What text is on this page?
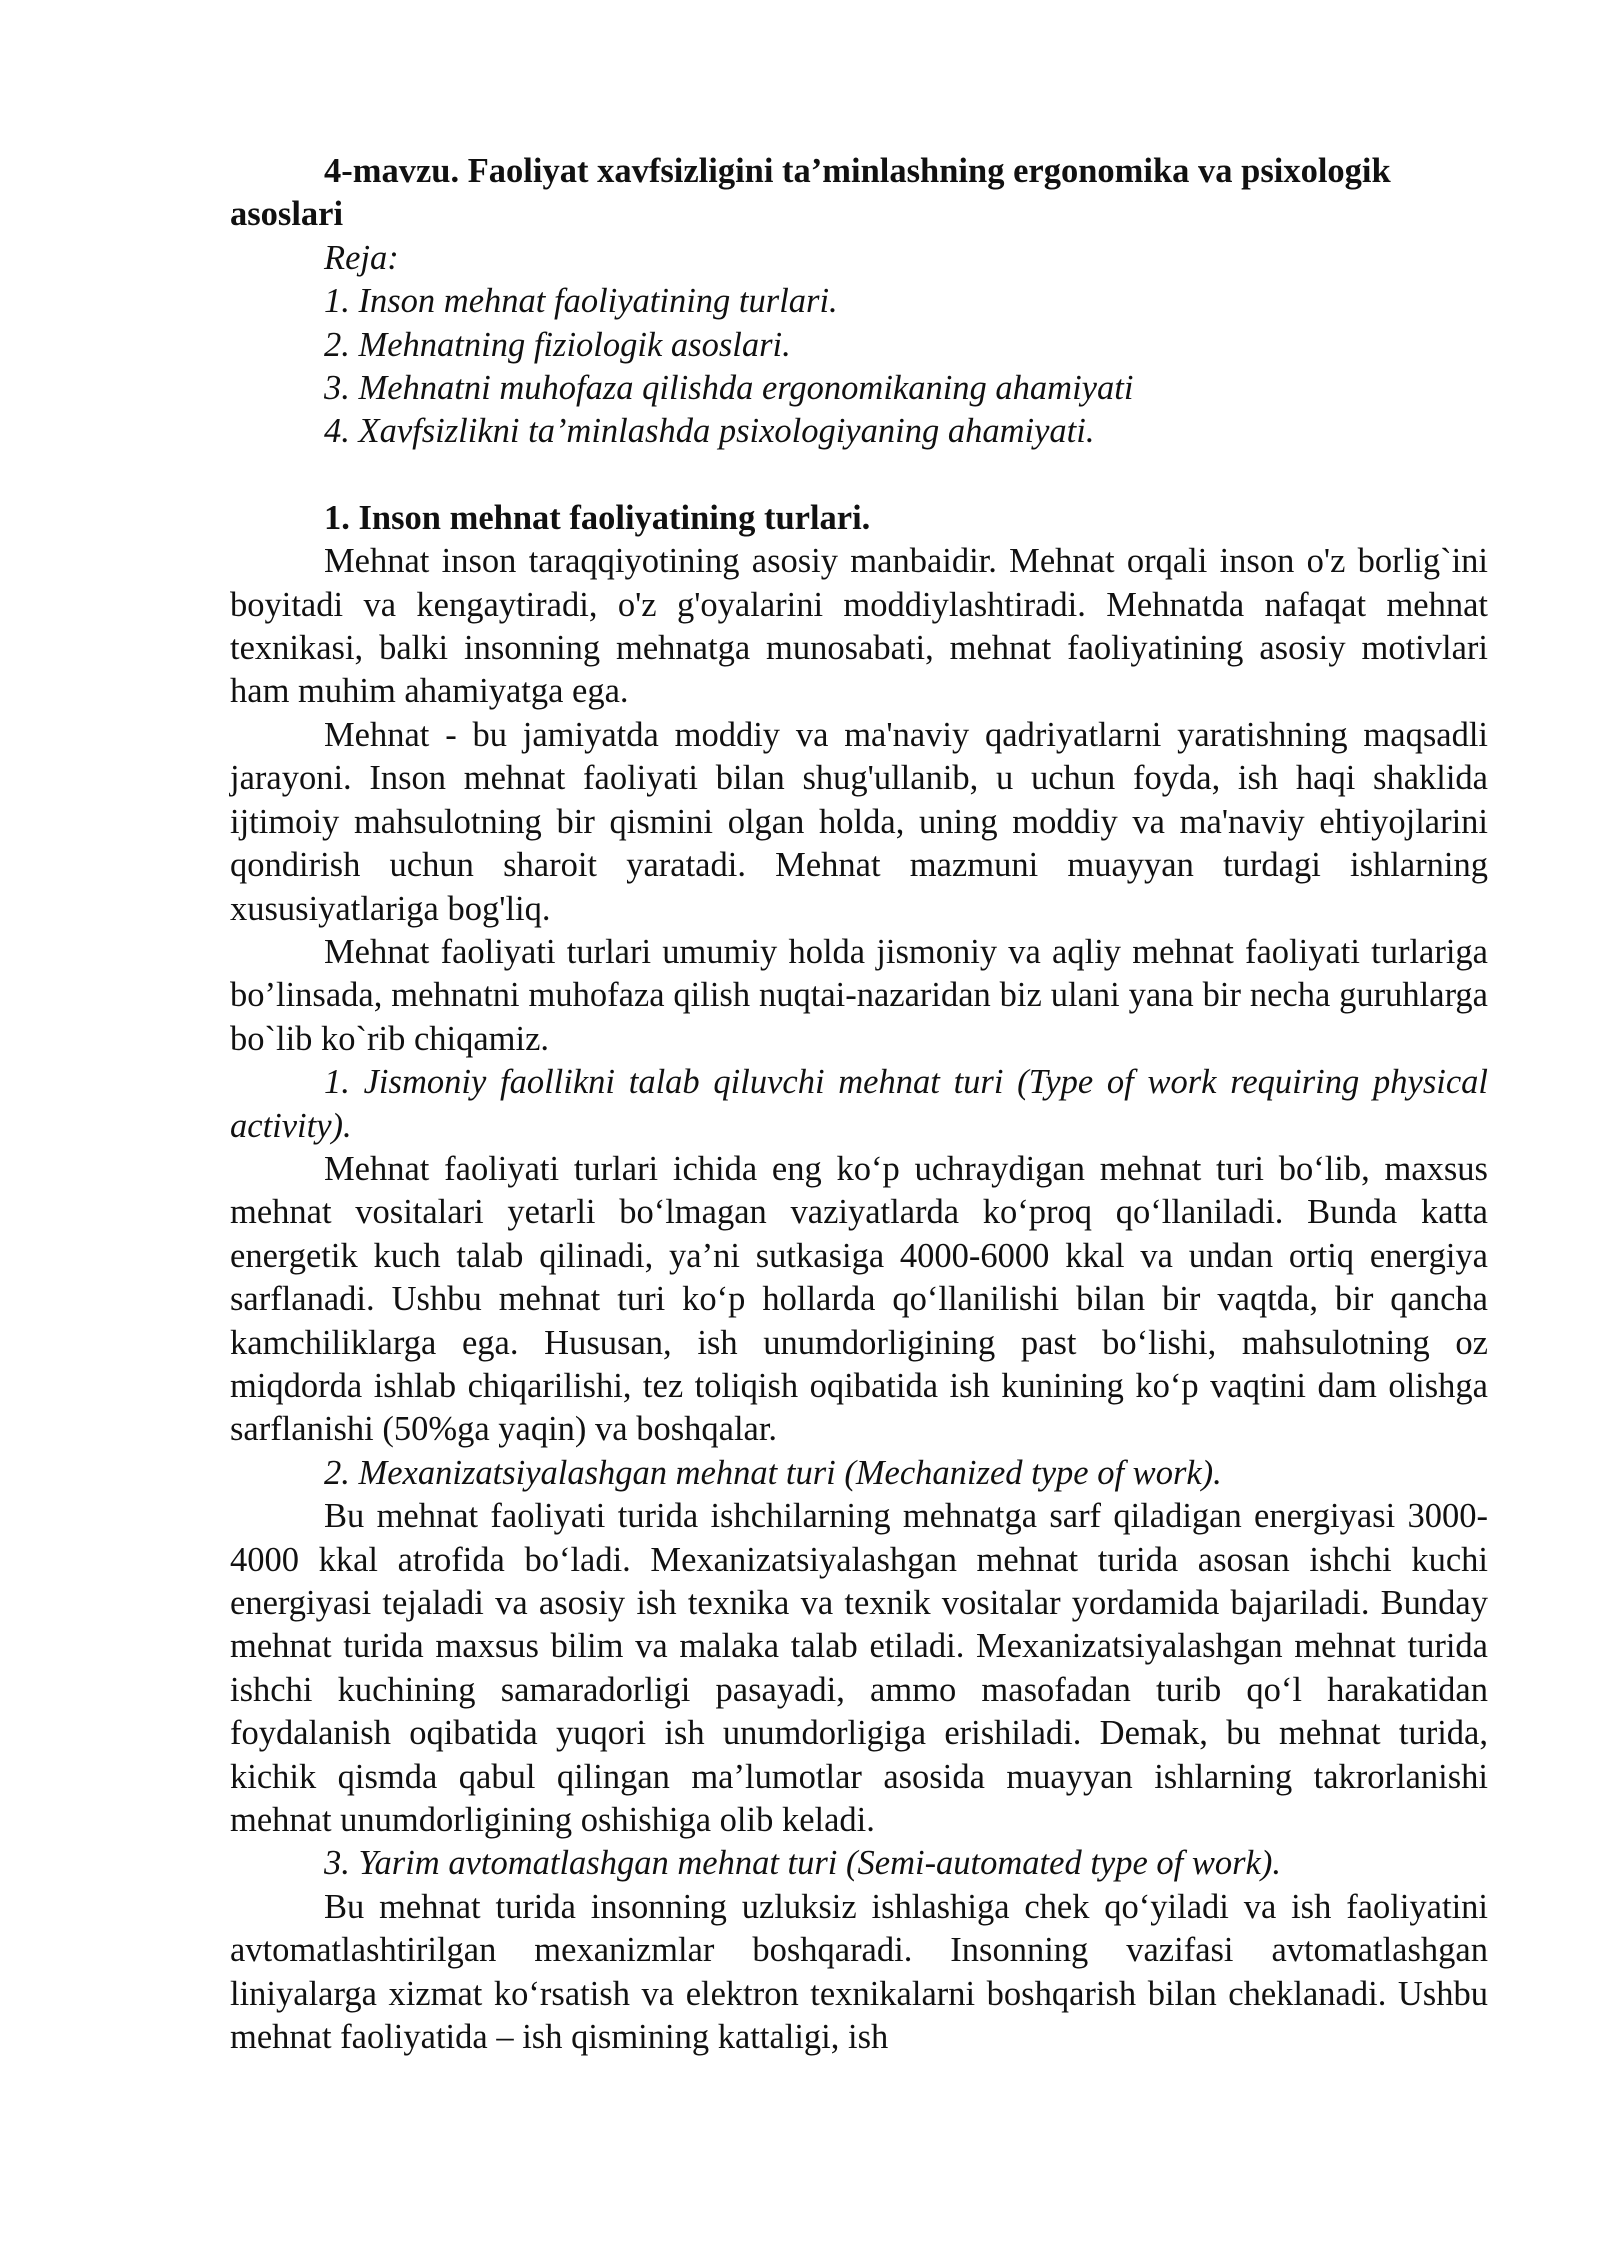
4-mavzu. Faoliyat xavfsizligini ta’minlashning ergonomika va psixologik asoslari

Reja:

1. Inson mehnat faoliyatining turlari.
2. Mehnatning fiziologik asoslari.
3. Mehnatni muhofaza qilishda ergonomikaning ahamiyati
4. Xavfsizlikni ta’minlashda psixologiyaning ahamiyati.

1. Inson mehnat faoliyatining turlari.

Mehnat inson taraqqiyotining asosiy manbaidir. Mehnat orqali inson o'z borlig`ini boyitadi va kengaytiradi, o'z g'oyalarini moddiylashtiradi. Mehnatda nafaqat mehnat texnikasi, balki insonning mehnatga munosabati, mehnat faoliyatining asosiy motivlari ham muhim ahamiyatga ega.

Mehnat - bu jamiyatda moddiy va ma'naviy qadriyatlarni yaratishning maqsadli jarayoni. Inson mehnat faoliyati bilan shug'ullanib, u uchun foyda, ish haqi shaklida ijtimoiy mahsulotning bir qismini olgan holda, uning moddiy va ma'naviy ehtiyojlarini qondirish uchun sharoit yaratadi. Mehnat mazmuni muayyan turdagi ishlarning xususiyatlariga bog'liq.

Mehnat faoliyati turlari umumiy holda jismoniy va aqliy mehnat faoliyati turlariga bo’linsada, mehnatni muhofaza qilish nuqtai-nazaridan biz ulani yana bir necha guruhlarga bo`lib ko`rib chiqamiz.

1. Jismoniy faollikni talab qiluvchi mehnat turi (Type of work requiring physical activity).

Mehnat faoliyati turlari ichida eng ko‘p uchraydigan mehnat turi bo‘lib, maxsus mehnat vositalari yetarli bo‘lmagan vaziyatlarda ko‘proq qo‘llaniladi. Bunda katta energetik kuch talab qilinadi, ya’ni sutkasiga 4000-6000 kkal va undan ortiq energiya sarflanadi. Ushbu mehnat turi ko‘p hollarda qo‘llanilishi bilan bir vaqtda, bir qancha kamchiliklarga ega. Hususan, ish unumdorligining past bo‘lishi, mahsulotning oz miqdorda ishlab chiqarilishi, tez toliqish oqibatida ish kunining ko‘p vaqtini dam olishga sarflanishi (50%ga yaqin) va boshqalar.

2. Mexanizatsiyalashgan mehnat turi (Mechanized type of work).

Bu mehnat faoliyati turida ishchilarning mehnatga sarf qiladigan energiyasi 3000-4000 kkal atrofida bo‘ladi. Mexanizatsiyalashgan mehnat turida asosan ishchi kuchi energiyasi tejaladi va asosiy ish texnika va texnik vositalar yordamida bajariladi. Bunday mehnat turida maxsus bilim va malaka talab etiladi. Mexanizatsiyalashgan mehnat turida ishchi kuchining samaradorligi pasayadi, ammo masofadan turib qo‘l harakatidan foydalanish oqibatida yuqori ish unumdorligiga erishiladi. Demak, bu mehnat turida, kichik qismda qabul qilingan ma’lumotlar asosida muayyan ishlarning takrorlanishi mehnat unumdorligining oshishiga olib keladi.

3. Yarim avtomatlashgan mehnat turi (Semi-automated type of work).

Bu mehnat turida insonning uzluksiz ishlashiga chek qo‘yiladi va ish faoliyatini avtomatlashtirilgan mexanizmlar boshqaradi. Insonning vazifasi avtomatlashgan liniyalarga xizmat ko‘rsatish va elektron texnikalarni boshqarish bilan cheklanadi. Ushbu mehnat faoliyatida – ish qismining kattaligi, ish
